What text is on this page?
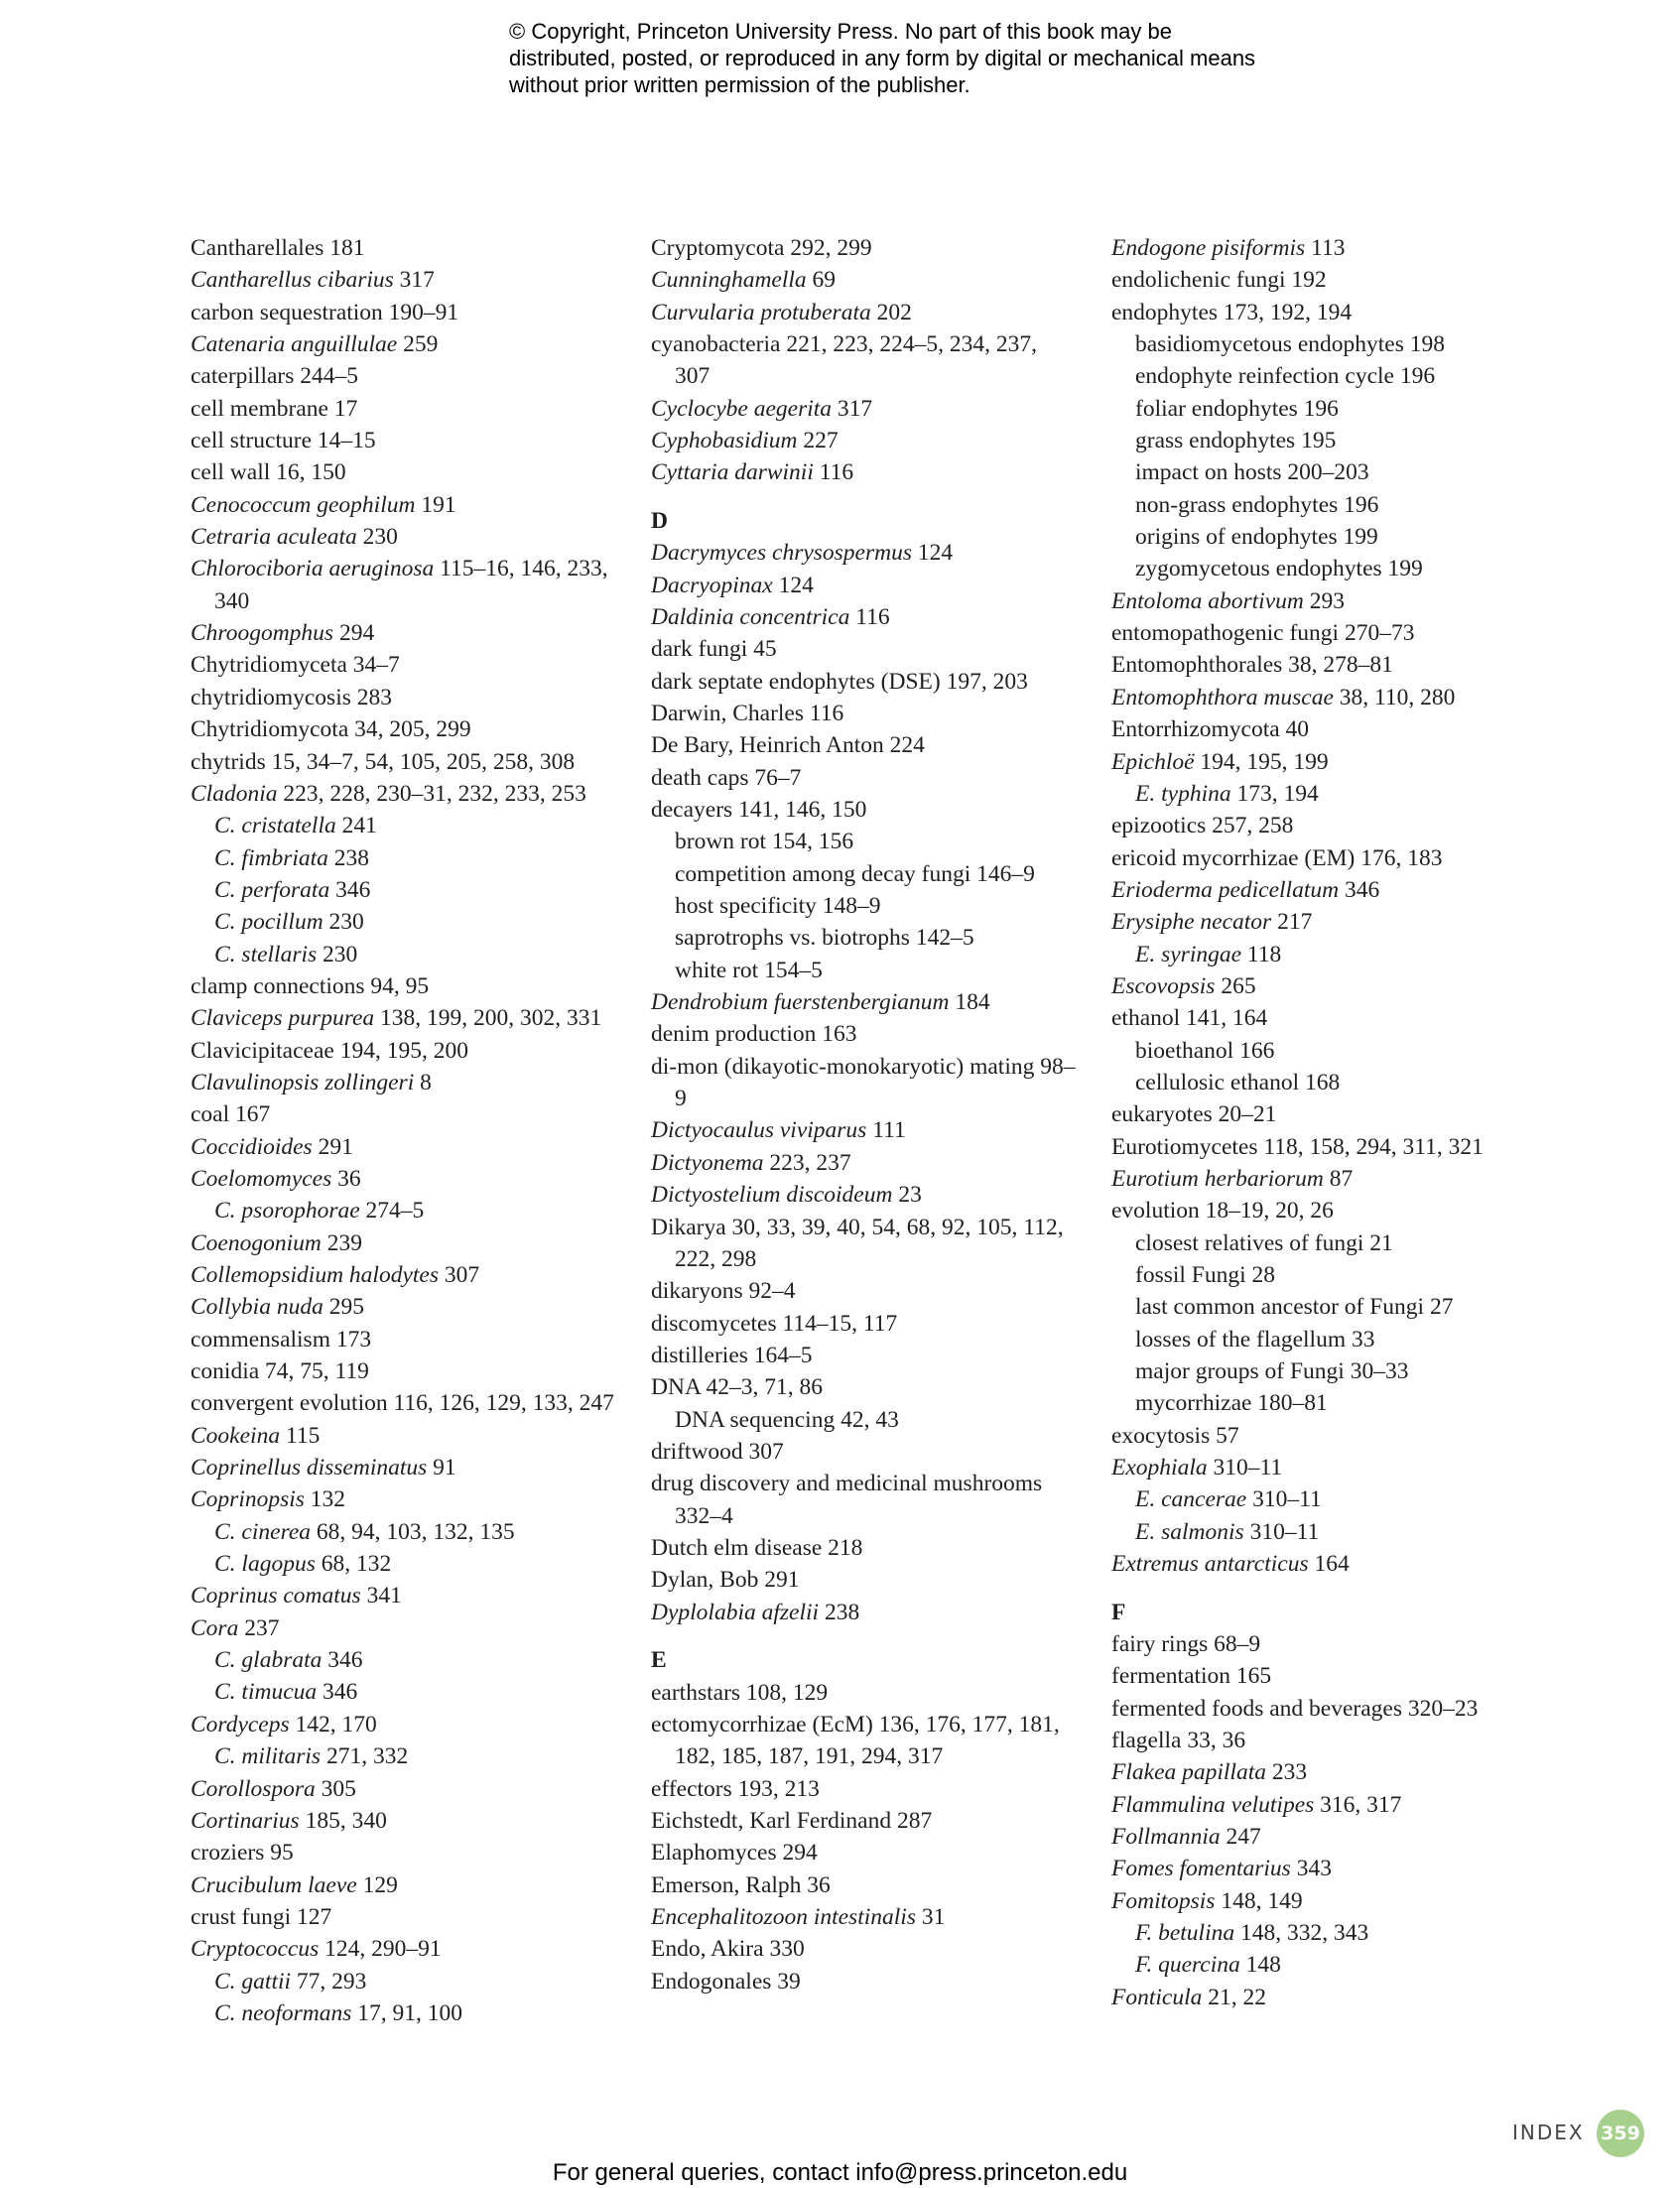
© Copyright, Princeton University Press. No part of this book may be distributed, posted, or reproduced in any form by digital or mechanical means without prior written permission of the publisher.
Cantharellales 181
Cantharellus cibarius 317
carbon sequestration 190–91
Catenaria anguillulae 259
caterpillars 244–5
cell membrane 17
cell structure 14–15
cell wall 16, 150
Cenococcum geophilum 191
Cetraria aculeata 230
Chlorociboria aeruginosa 115–16, 146, 233, 340
Chroogomphus 294
Chytridiomyceta 34–7
chytridiomycosis 283
Chytridiomycota 34, 205, 299
chytrids 15, 34–7, 54, 105, 205, 258, 308
Cladonia 223, 228, 230–31, 232, 233, 253
C. cristatella 241
C. fimbriata 238
C. perforata 346
C. pocillum 230
C. stellaris 230
clamp connections 94, 95
Claviceps purpurea 138, 199, 200, 302, 331
Clavicipitaceae 194, 195, 200
Clavulinopsis zollingeri 8
coal 167
Coccidioides 291
Coelomomyces 36
C. psorophorae 274–5
Coenogonium 239
Collemopsidium halodytes 307
Collybia nuda 295
commensalism 173
conidia 74, 75, 119
convergent evolution 116, 126, 129, 133, 247
Cookeina 115
Coprinellus disseminatus 91
Coprinopsis 132
C. cinerea 68, 94, 103, 132, 135
C. lagopus 68, 132
Coprinus comatus 341
Cora 237
C. glabrata 346
C. timucua 346
Cordyceps 142, 170
C. militaris 271, 332
Corollospora 305
Cortinarius 185, 340
croziers 95
Crucibulum laeve 129
crust fungi 127
Cryptococcus 124, 290–91
C. gattii 77, 293
C. neoformans 17, 91, 100
Cryptomycota 292, 299
Cunninghamella 69
Curvularia protuberata 202
cyanobacteria 221, 223, 224–5, 234, 237, 307
Cyclocybe aegerita 317
Cyphobasidium 227
Cyttaria darwinii 116
D
Dacrymyces chrysospermus 124
Dacryopinax 124
Daldinia concentrica 116
dark fungi 45
dark septate endophytes (DSE) 197, 203
Darwin, Charles 116
De Bary, Heinrich Anton 224
death caps 76–7
decayers 141, 146, 150
brown rot 154, 156
competition among decay fungi 146–9
host specificity 148–9
saprotrophs vs. biotrophs 142–5
white rot 154–5
Dendrobium fuerstenbergianum 184
denim production 163
di-mon (dikayotic-monokaryotic) mating 98–9
Dictyocaulus viviparus 111
Dictyonema 223, 237
Dictyostelium discoideum 23
Dikarya 30, 33, 39, 40, 54, 68, 92, 105, 112, 222, 298
dikaryons 92–4
discomycetes 114–15, 117
distilleries 164–5
DNA 42–3, 71, 86
DNA sequencing 42, 43
driftwood 307
drug discovery and medicinal mushrooms 332–4
Dutch elm disease 218
Dylan, Bob 291
Dyplolabia afzelii 238
E
earthstars 108, 129
ectomycorrhizae (EcM) 136, 176, 177, 181, 182, 185, 187, 191, 294, 317
effectors 193, 213
Eichstedt, Karl Ferdinand 287
Elaphomyces 294
Emerson, Ralph 36
Encephalitozoon intestinalis 31
Endo, Akira 330
Endogonales 39
Endogone pisiformis 113
endolichenic fungi 192
endophytes 173, 192, 194
basidiomycetous endophytes 198
endophyte reinfection cycle 196
foliar endophytes 196
grass endophytes 195
impact on hosts 200–203
non-grass endophytes 196
origins of endophytes 199
zygomycetous endophytes 199
Entoloma abortivum 293
entomopathogenic fungi 270–73
Entomophthorales 38, 278–81
Entomophthora muscae 38, 110, 280
Entorrhizomycota 40
Epichloë 194, 195, 199
E. typhina 173, 194
epizootics 257, 258
ericoid mycorrhizae (EM) 176, 183
Erioderma pedicellatum 346
Erysiphe necator 217
E. syringae 118
Escovopsis 265
ethanol 141, 164
bioethanol 166
cellulosic ethanol 168
eukaryotes 20–21
Eurotiomycetes 118, 158, 294, 311, 321
Eurotium herbariorum 87
evolution 18–19, 20, 26
closest relatives of fungi 21
fossil Fungi 28
last common ancestor of Fungi 27
losses of the flagellum 33
major groups of Fungi 30–33
mycorrhizae 180–81
exocytosis 57
Exophiala 310–11
E. cancerae 310–11
E. salmonis 310–11
Extremus antarcticus 164
F
fairy rings 68–9
fermentation 165
fermented foods and beverages 320–23
flagella 33, 36
Flakea papillata 233
Flammulina velutipes 316, 317
Follmannia 247
Fomes fomentarius 343
Fomitopsis 148, 149
F. betulina 148, 332, 343
F. quercina 148
Fonticula 21, 22
INDEX 359
For general queries, contact info@press.princeton.edu
